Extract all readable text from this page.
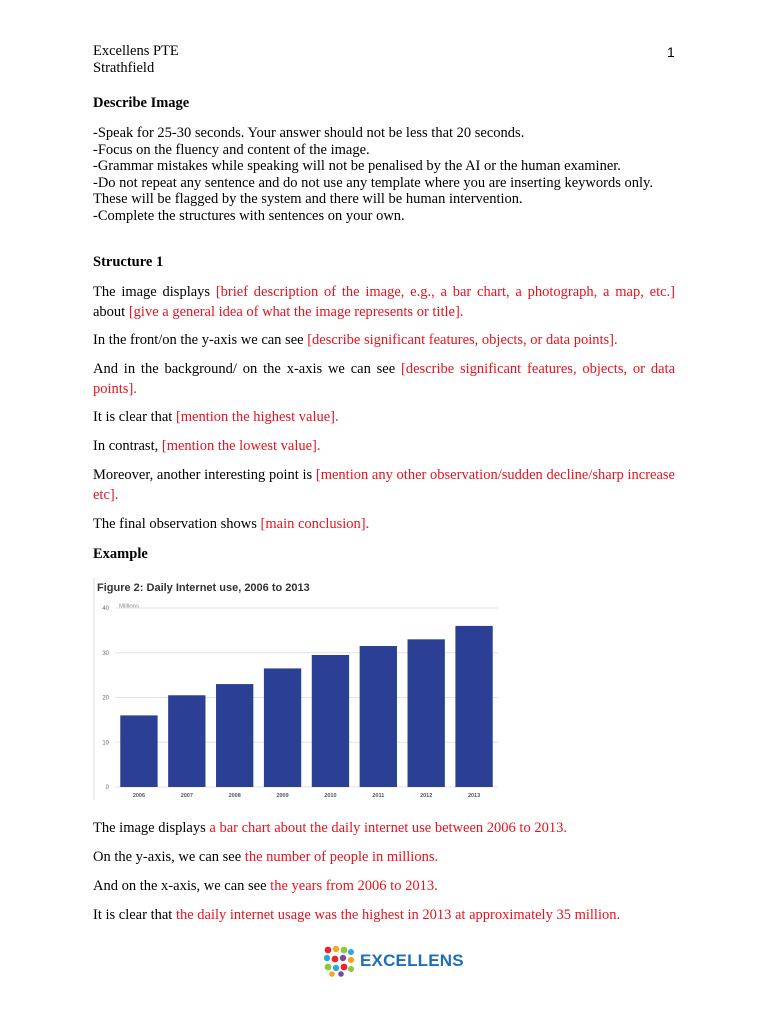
Excellens PTE
Strathfield
1

Describe Image

-Speak for 25-30 seconds. Your answer should not be less that 20 seconds.
-Focus on the fluency and content of the image.
-Grammar mistakes while speaking will not be penalised by the AI or the human examiner.
-Do not repeat any sentence and do not use any template where you are inserting keywords only. These will be flagged by the system and there will be human intervention.
-Complete the structures with sentences on your own.

Structure 1

The image displays [brief description of the image, e.g., a bar chart, a photograph, a map, etc.] about [give a general idea of what the image represents or title].

In the front/on the y-axis we can see [describe significant features, objects, or data points].

And in the background/ on the x-axis we can see [describe significant features, objects, or data points].

It is clear that [mention the highest value].

In contrast, [mention the lowest value].

Moreover, another interesting point is [mention any other observation/sudden decline/sharp increase etc].

The final observation shows [main conclusion].

Example

Figure 2: Daily Internet use, 2006 to 2013
Millions
0
10
20
30
40
2006	2007	2008	2009	2010	2011	2012	2013

The image displays a bar chart about the daily internet use between 2006 to 2013.

On the y-axis, we can see the number of people in millions.

And on the x-axis, we can see the years from 2006 to 2013.

It is clear that the daily internet usage was the highest in 2013 at approximately 35 million.

EXCELLENS
